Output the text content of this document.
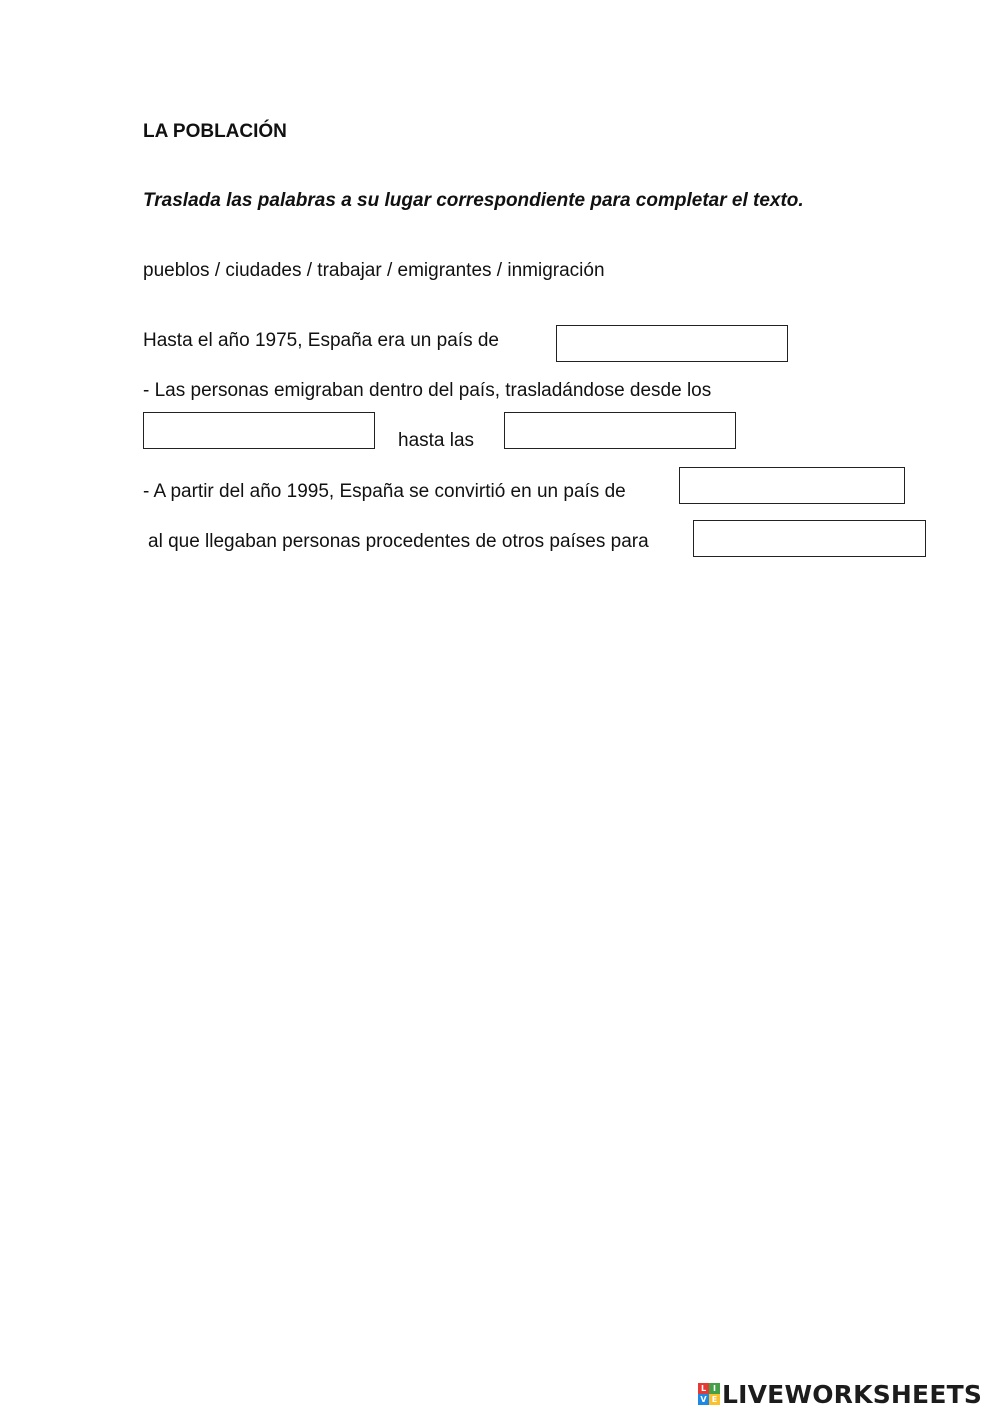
LA POBLACIÓN
Traslada las palabras a su lugar correspondiente para completar el texto.
pueblos / ciudades / trabajar / emigrantes / inmigración
Hasta el año 1975, España era un país de
- Las personas emigraban dentro del país, trasladándose desde los
hasta las
- A partir del año 1995, España se convirtió en un país de
al que llegaban personas procedentes de otros países para
L I
V E LIVEWORKSHEETS
